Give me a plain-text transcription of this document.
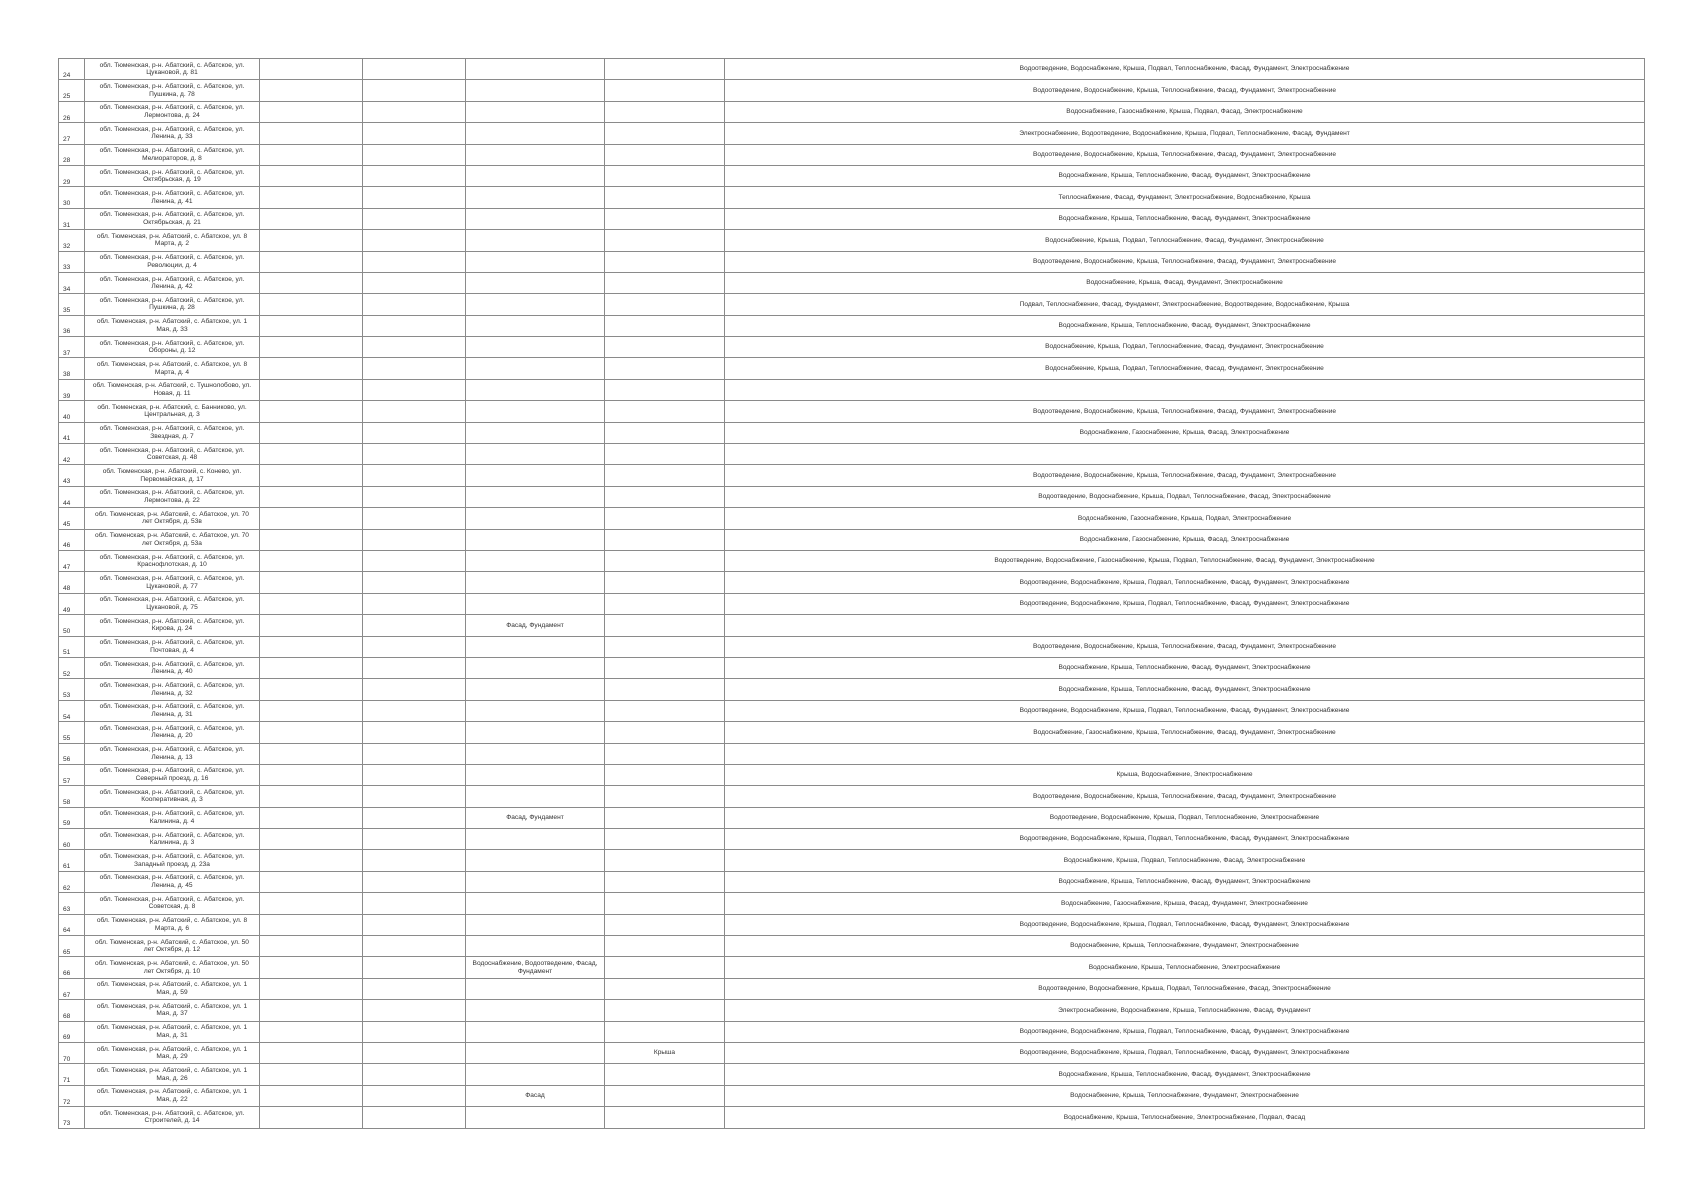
24	обл. Тюменская, р-н. Абатский, с. Абатское, ул. Цукановой, д. 81					Водоотведение, Водоснабжение, Крыша, Подвал, Теплоснабжение, Фасад, Фундамент, Электроснабжение
25	обл. Тюменская, р-н. Абатский, с. Абатское, ул. Пушкина, д. 78					Водоотведение, Водоснабжение, Крыша, Теплоснабжение, Фасад, Фундамент, Электроснабжение
26	обл. Тюменская, р-н. Абатский, с. Абатское, ул. Лермонтова, д. 24					Водоснабжение, Газоснабжение, Крыша, Подвал, Фасад, Электроснабжение
27	обл. Тюменская, р-н. Абатский, с. Абатское, ул. Ленина, д. 33					Электроснабжение, Водоотведение, Водоснабжение, Крыша, Подвал, Теплоснабжение, Фасад, Фундамент
28	обл. Тюменская, р-н. Абатский, с. Абатское, ул. Мелиораторов, д. 8					Водоотведение, Водоснабжение, Крыша, Теплоснабжение, Фасад, Фундамент, Электроснабжение
29	обл. Тюменская, р-н. Абатский, с. Абатское, ул. Октябрьская, д. 19					Водоснабжение, Крыша, Теплоснабжение, Фасад, Фундамент, Электроснабжение
30	обл. Тюменская, р-н. Абатский, с. Абатское, ул. Ленина, д. 41					Теплоснабжение, Фасад, Фундамент, Электроснабжение, Водоснабжение, Крыша
31	обл. Тюменская, р-н. Абатский, с. Абатское, ул. Октябрьская, д. 21					Водоснабжение, Крыша, Теплоснабжение, Фасад, Фундамент, Электроснабжение
32	обл. Тюменская, р-н. Абатский, с. Абатское, ул. 8 Марта, д. 2					Водоснабжение, Крыша, Подвал, Теплоснабжение, Фасад, Фундамент, Электроснабжение
33	обл. Тюменская, р-н. Абатский, с. Абатское, ул. Революции, д. 4					Водоотведение, Водоснабжение, Крыша, Теплоснабжение, Фасад, Фундамент, Электроснабжение
34	обл. Тюменская, р-н. Абатский, с. Абатское, ул. Ленина, д. 42					Водоснабжение, Крыша, Фасад, Фундамент, Электроснабжение
35	обл. Тюменская, р-н. Абатский, с. Абатское, ул. Пушкина, д. 28					Подвал, Теплоснабжение, Фасад, Фундамент, Электроснабжение, Водоотведение, Водоснабжение, Крыша
36	обл. Тюменская, р-н. Абатский, с. Абатское, ул. 1 Мая, д. 33					Водоснабжение, Крыша, Теплоснабжение, Фасад, Фундамент, Электроснабжение
37	обл. Тюменская, р-н. Абатский, с. Абатское, ул. Обороны, д. 12					Водоснабжение, Крыша, Подвал, Теплоснабжение, Фасад, Фундамент, Электроснабжение
38	обл. Тюменская, р-н. Абатский, с. Абатское, ул. 8 Марта, д. 4					Водоснабжение, Крыша, Подвал, Теплоснабжение, Фасад, Фундамент, Электроснабжение
39	обл. Тюменская, р-н. Абатский, с. Тушнолобово, ул. Новая, д. 11					
40	обл. Тюменская, р-н. Абатский, с. Банниково, ул. Центральная, д. 3					Водоотведение, Водоснабжение, Крыша, Теплоснабжение, Фасад, Фундамент, Электроснабжение
41	обл. Тюменская, р-н. Абатский, с. Абатское, ул. Звездная, д. 7					Водоснабжение, Газоснабжение, Крыша, Фасад, Электроснабжение
42	обл. Тюменская, р-н. Абатский, с. Абатское, ул. Советская, д. 48					
43	обл. Тюменская, р-н. Абатский, с. Конево, ул. Первомайская, д. 17					Водоотведение, Водоснабжение, Крыша, Теплоснабжение, Фасад, Фундамент, Электроснабжение
44	обл. Тюменская, р-н. Абатский, с. Абатское, ул. Лермонтова, д. 22					Водоотведение, Водоснабжение, Крыша, Подвал, Теплоснабжение, Фасад, Электроснабжение
45	обл. Тюменская, р-н. Абатский, с. Абатское, ул. 70 лет Октября, д. 53в					Водоснабжение, Газоснабжение, Крыша, Подвал, Электроснабжение
46	обл. Тюменская, р-н. Абатский, с. Абатское, ул. 70 лет Октября, д. 53а					Водоснабжение, Газоснабжение, Крыша, Фасад, Электроснабжение
47	обл. Тюменская, р-н. Абатский, с. Абатское, ул. Краснофлотская, д. 10					Водоотведение, Водоснабжение, Газоснабжение, Крыша, Подвал, Теплоснабжение, Фасад, Фундамент, Электроснабжение
48	обл. Тюменская, р-н. Абатский, с. Абатское, ул. Цукановой, д. 77					Водоотведение, Водоснабжение, Крыша, Подвал, Теплоснабжение, Фасад, Фундамент, Электроснабжение
49	обл. Тюменская, р-н. Абатский, с. Абатское, ул. Цукановой, д. 75					Водоотведение, Водоснабжение, Крыша, Подвал, Теплоснабжение, Фасад, Фундамент, Электроснабжение
50	обл. Тюменская, р-н. Абатский, с. Абатское, ул. Кирова, д. 24			Фасад, Фундамент		
51	обл. Тюменская, р-н. Абатский, с. Абатское, ул. Почтовая, д. 4					Водоотведение, Водоснабжение, Крыша, Теплоснабжение, Фасад, Фундамент, Электроснабжение
52	обл. Тюменская, р-н. Абатский, с. Абатское, ул. Ленина, д. 40					Водоснабжение, Крыша, Теплоснабжение, Фасад, Фундамент, Электроснабжение
53	обл. Тюменская, р-н. Абатский, с. Абатское, ул. Ленина, д. 32					Водоснабжение, Крыша, Теплоснабжение, Фасад, Фундамент, Электроснабжение
54	обл. Тюменская, р-н. Абатский, с. Абатское, ул. Ленина, д. 31					Водоотведение, Водоснабжение, Крыша, Подвал, Теплоснабжение, Фасад, Фундамент, Электроснабжение
55	обл. Тюменская, р-н. Абатский, с. Абатское, ул. Ленина, д. 20					Водоснабжение, Газоснабжение, Крыша, Теплоснабжение, Фасад, Фундамент, Электроснабжение
56	обл. Тюменская, р-н. Абатский, с. Абатское, ул. Ленина, д. 13					
57	обл. Тюменская, р-н. Абатский, с. Абатское, ул. Северный проезд, д. 16					Крыша, Водоснабжение, Электроснабжение
58	обл. Тюменская, р-н. Абатский, с. Абатское, ул. Кооперативная, д. 3					Водоотведение, Водоснабжение, Крыша, Теплоснабжение, Фасад, Фундамент, Электроснабжение
59	обл. Тюменская, р-н. Абатский, с. Абатское, ул. Калинина, д. 4			Фасад, Фундамент		Водоотведение, Водоснабжение, Крыша, Подвал, Теплоснабжение, Электроснабжение
60	обл. Тюменская, р-н. Абатский, с. Абатское, ул. Калинина, д. 3					Водоотведение, Водоснабжение, Крыша, Подвал, Теплоснабжение, Фасад, Фундамент, Электроснабжение
61	обл. Тюменская, р-н. Абатский, с. Абатское, ул. Западный проезд, д. 23а					Водоснабжение, Крыша, Подвал, Теплоснабжение, Фасад, Электроснабжение
62	обл. Тюменская, р-н. Абатский, с. Абатское, ул. Ленина, д. 45					Водоснабжение, Крыша, Теплоснабжение, Фасад, Фундамент, Электроснабжение
63	обл. Тюменская, р-н. Абатский, с. Абатское, ул. Советская, д. 8					Водоснабжение, Газоснабжение, Крыша, Фасад, Фундамент, Электроснабжение
64	обл. Тюменская, р-н. Абатский, с. Абатское, ул. 8 Марта, д. 6					Водоотведение, Водоснабжение, Крыша, Подвал, Теплоснабжение, Фасад, Фундамент, Электроснабжение
65	обл. Тюменская, р-н. Абатский, с. Абатское, ул. 50 лет Октября, д. 12					Водоснабжение, Крыша, Теплоснабжение, Фундамент, Электроснабжение
66	обл. Тюменская, р-н. Абатский, с. Абатское, ул. 50 лет Октября, д. 10			Водоснабжение, Водоотведение, Фасад, Фундамент		Водоснабжение, Крыша, Теплоснабжение, Электроснабжение
67	обл. Тюменская, р-н. Абатский, с. Абатское, ул. 1 Мая, д. 59					Водоотведение, Водоснабжение, Крыша, Подвал, Теплоснабжение, Фасад, Электроснабжение
68	обл. Тюменская, р-н. Абатский, с. Абатское, ул. 1 Мая, д. 37					Электроснабжение, Водоснабжение, Крыша, Теплоснабжение, Фасад, Фундамент
69	обл. Тюменская, р-н. Абатский, с. Абатское, ул. 1 Мая, д. 31					Водоотведение, Водоснабжение, Крыша, Подвал, Теплоснабжение, Фасад, Фундамент, Электроснабжение
70	обл. Тюменская, р-н. Абатский, с. Абатское, ул. 1 Мая, д. 29				Крыша	Водоотведение, Водоснабжение, Крыша, Подвал, Теплоснабжение, Фасад, Фундамент, Электроснабжение
71	обл. Тюменская, р-н. Абатский, с. Абатское, ул. 1 Мая, д. 26					Водоснабжение, Крыша, Теплоснабжение, Фасад, Фундамент, Электроснабжение
72	обл. Тюменская, р-н. Абатский, с. Абатское, ул. 1 Мая, д. 22			Фасад		Водоснабжение, Крыша, Теплоснабжение, Фундамент, Электроснабжение
73	обл. Тюменская, р-н. Абатский, с. Абатское, ул. Строителей, д. 14					Водоснабжение, Крыша, Теплоснабжение, Электроснабжение, Подвал, Фасад
